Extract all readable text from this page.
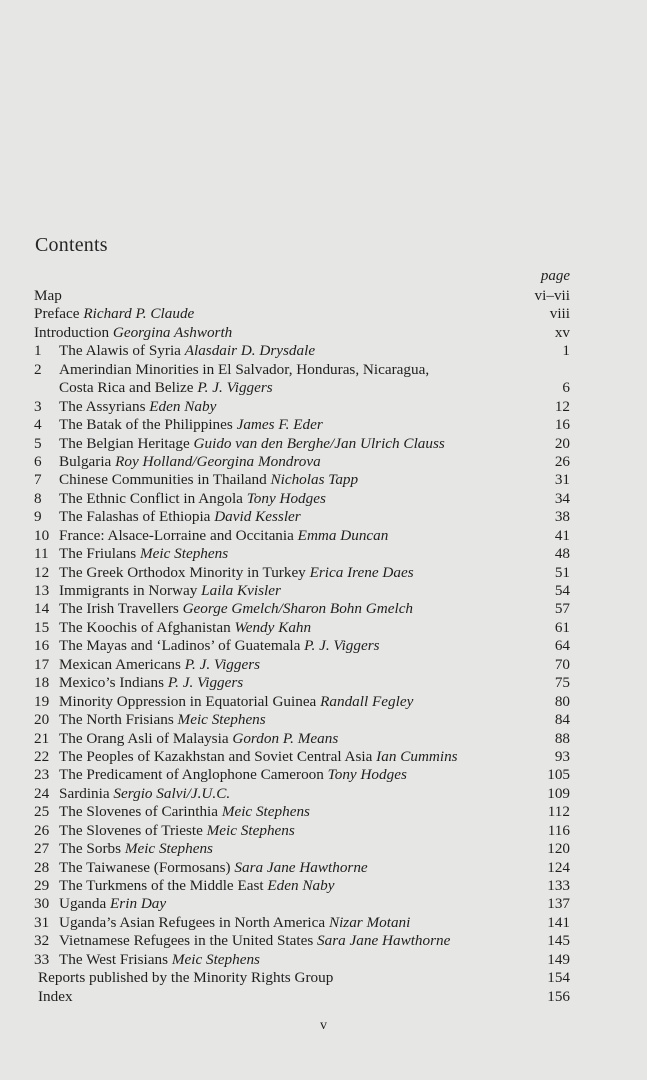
Contents
page
Map	vi–vii
Preface Richard P. Claude	viii
Introduction Georgina Ashworth	xv
1	The Alawis of Syria Alasdair D. Drysdale	1
2	Amerindian Minorities in El Salvador, Honduras, Nicaragua,
Costa Rica and Belize P. J. Viggers	6
3	The Assyrians Eden Naby	12
4	The Batak of the Philippines James F. Eder	16
5	The Belgian Heritage Guido van den Berghe/Jan Ulrich Clauss	20
6	Bulgaria Roy Holland/Georgina Mondrova	26
7	Chinese Communities in Thailand Nicholas Tapp	31
8	The Ethnic Conflict in Angola Tony Hodges	34
9	The Falashas of Ethiopia David Kessler	38
10 France: Alsace-Lorraine and Occitania Emma Duncan	41
11 The Friulans Meic Stephens	48
12 The Greek Orthodox Minority in Turkey Erica Irene Daes	51
13 Immigrants in Norway Laila Kvisler	54
14 The Irish Travellers George Gmelch/Sharon Bohn Gmelch	57
15 The Koochis of Afghanistan Wendy Kahn	61
16 The Mayas and ‘Ladinos’ of Guatemala P. J. Viggers	64
17 Mexican Americans P. J. Viggers	70
18 Mexico’s Indians P. J. Viggers	75
19 Minority Oppression in Equatorial Guinea Randall Fegley	80
20 The North Frisians Meic Stephens	84
21 The Orang Asli of Malaysia Gordon P. Means	88
22 The Peoples of Kazakhstan and Soviet Central Asia Ian Cummins	93
23 The Predicament of Anglophone Cameroon Tony Hodges	105
24 Sardinia Sergio Salvi/J.U.C.	109
25 The Slovenes of Carinthia Meic Stephens	112
26 The Slovenes of Trieste Meic Stephens	116
27 The Sorbs Meic Stephens	120
28 The Taiwanese (Formosans) Sara Jane Hawthorne	124
29 The Turkmens of the Middle East Eden Naby	133
30 Uganda Erin Day	137
31 Uganda’s Asian Refugees in North America Nizar Motani	141
32 Vietnamese Refugees in the United States Sara Jane Hawthorne	145
33 The West Frisians Meic Stephens	149
Reports published by the Minority Rights Group	154
Index	156
v
